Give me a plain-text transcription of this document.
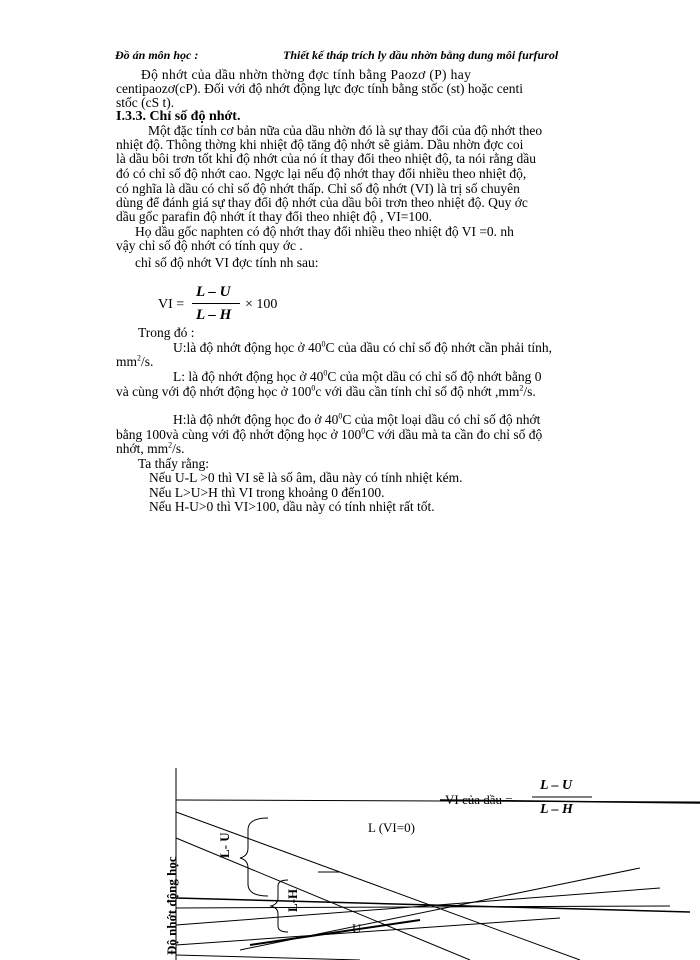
Đồ án môn học :	Thiết kế tháp trích ly dầu nhờn bằng dung môi furfurol
Độ nhớt của dầu nhờn thờng đợc tính bằng Paozơ (P) hay
centipaozơ(cP). Đối với độ nhớt động lực đợc tính bằng stốc (st) hoặc centi
stốc (cS t).
I.3.3. Chỉ số độ nhớt.
Một đặc tính cơ bản nữa của dầu nhờn đó là sự thay đổi của độ nhớt theo
nhiệt độ. Thông thờng khi nhiệt độ tăng độ nhớt sẽ giảm. Dầu nhờn đợc coi
là dầu bôi trơn tốt khi độ nhớt của nó ít thay đổi theo nhiệt độ, ta nói rằng dầu
đó có chỉ số độ nhớt cao. Ngợc lại nếu độ nhớt thay đổi nhiều theo nhiệt độ,
có nghĩa là dầu có chỉ số độ nhớt thấp. Chỉ số độ nhớt (VI) là trị số chuyên
dùng để đánh giá sự thay đổi độ nhớt của dầu bôi trơn theo nhiệt độ. Quy ớc
dầu gốc parafin độ nhớt ít thay đổi theo nhiệt độ , VI=100.
Họ dầu gốc naphten có độ nhớt thay đổi nhiều theo nhiệt độ VI =0. nh
vậy chỉ số độ nhớt có tính quy ớc .
chỉ số độ nhớt VI đợc tính nh sau:
VI =
L – U
L – H
× 100
Trong đó :
U:là độ nhớt động học ở $40^0C$ của dầu có chỉ số độ nhớt cần phải tính,
$mm^2/s$.
L: là độ nhớt động học ở $40^0C$ của một dầu có chỉ số độ nhớt bằng 0
và cùng với độ nhớt động học ở $100^0c$ với dầu cần tính chỉ số độ nhớt $,mm^2/s$.
H:là độ nhớt động học đo ở $40^0C$ của một loại dầu có chỉ số độ nhớt
bằng 100và cùng với độ nhớt động học ở $100^0C$ với dầu mà ta cần đo chỉ số độ
nhớt, $mm^2/s$.
Ta thấy rằng:
Nếu U-L >0 thì VI sẽ là số âm, dầu này có tính nhiệt kém.
Nếu L>U>H thì VI trong khoảng 0 đến100.
Nếu H-U>0 thì VI>100, dầu này có tính nhiệt rất tốt.
Độ nhớt động học
L- U
L-H
L (VI=0)
U
VI của dầu =
L – U
L – H
